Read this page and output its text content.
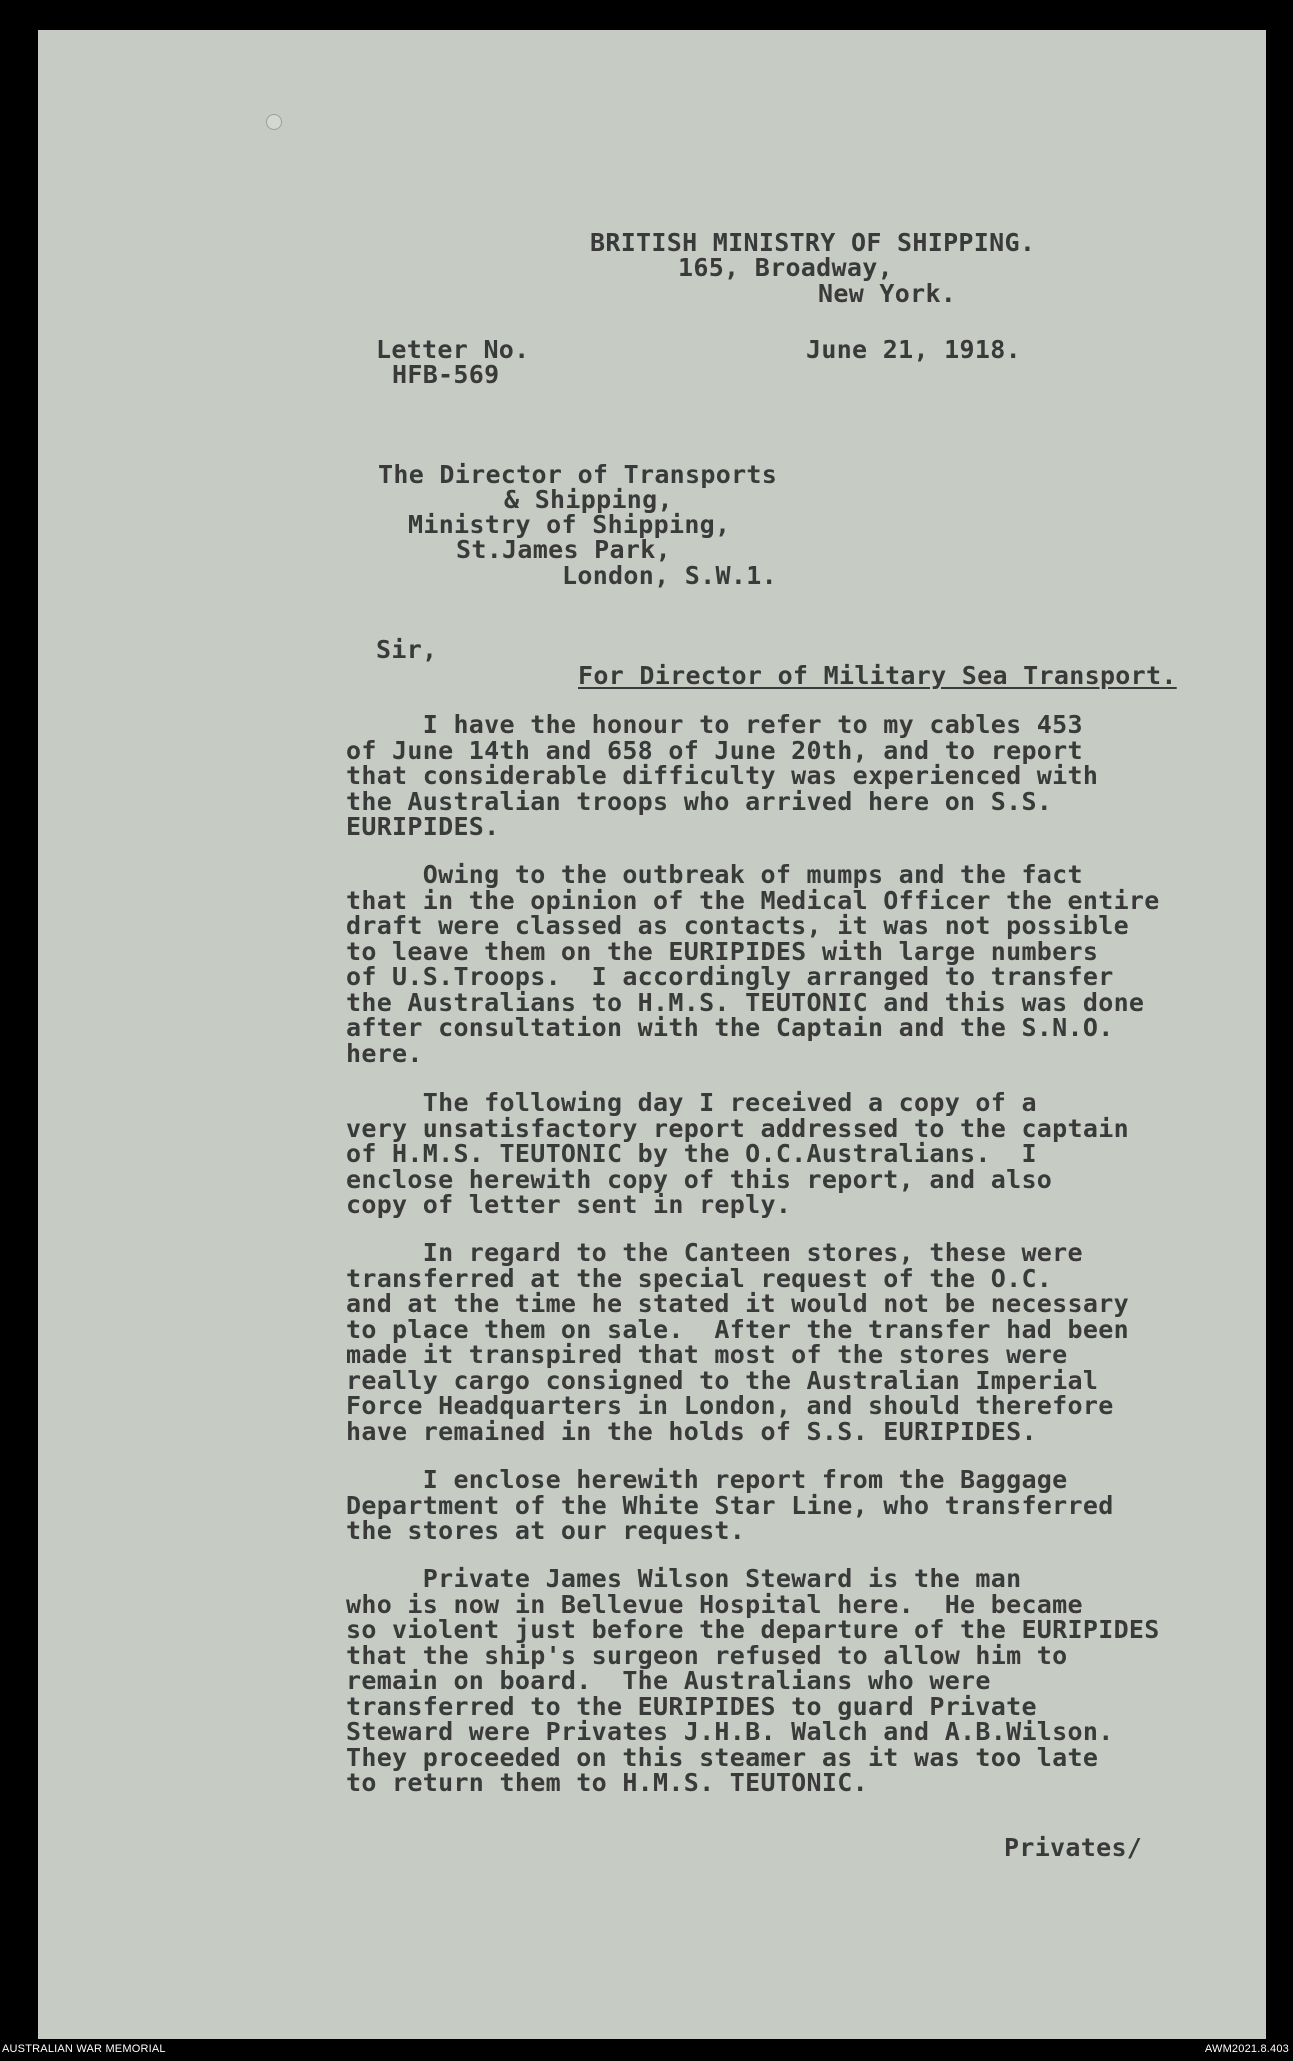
BRITISH MINISTRY OF SHIPPING.
165, Broadway,
New York.
Letter No.
HFB-569
June 21, 1918.
The Director of Transports
& Shipping,
Ministry of Shipping,
St.James Park,
London, S.W.1.
Sir,
For Director of Military Sea Transport.
I have the honour to refer to my cables 453
of June 14th and 658 of June 20th, and to report
that considerable difficulty was experienced with
the Australian troops who arrived here on S.S.
EURIPIDES.
Owing to the outbreak of mumps and the fact
that in the opinion of the Medical Officer the entire
draft were classed as contacts, it was not possible
to leave them on the EURIPIDES with large numbers
of U.S.Troops.  I accordingly arranged to transfer
the Australians to H.M.S. TEUTONIC and this was done
after consultation with the Captain and the S.N.O.
here.
The following day I received a copy of a
very unsatisfactory report addressed to the captain
of H.M.S. TEUTONIC by the O.C.Australians.  I
enclose herewith copy of this report, and also
copy of letter sent in reply.
In regard to the Canteen stores, these were
transferred at the special request of the O.C.
and at the time he stated it would not be necessary
to place them on sale.  After the transfer had been
made it transpired that most of the stores were
really cargo consigned to the Australian Imperial
Force Headquarters in London, and should therefore
have remained in the holds of S.S. EURIPIDES.
I enclose herewith report from the Baggage
Department of the White Star Line, who transferred
the stores at our request.
Private James Wilson Steward is the man
who is now in Bellevue Hospital here.  He became
so violent just before the departure of the EURIPIDES
that the ship's surgeon refused to allow him to
remain on board.  The Australians who were
transferred to the EURIPIDES to guard Private
Steward were Privates J.H.B. Walch and A.B.Wilson.
They proceeded on this steamer as it was too late
to return them to H.M.S. TEUTONIC.
Privates/
AUSTRALIAN WAR MEMORIAL	AWM2021.8.403
